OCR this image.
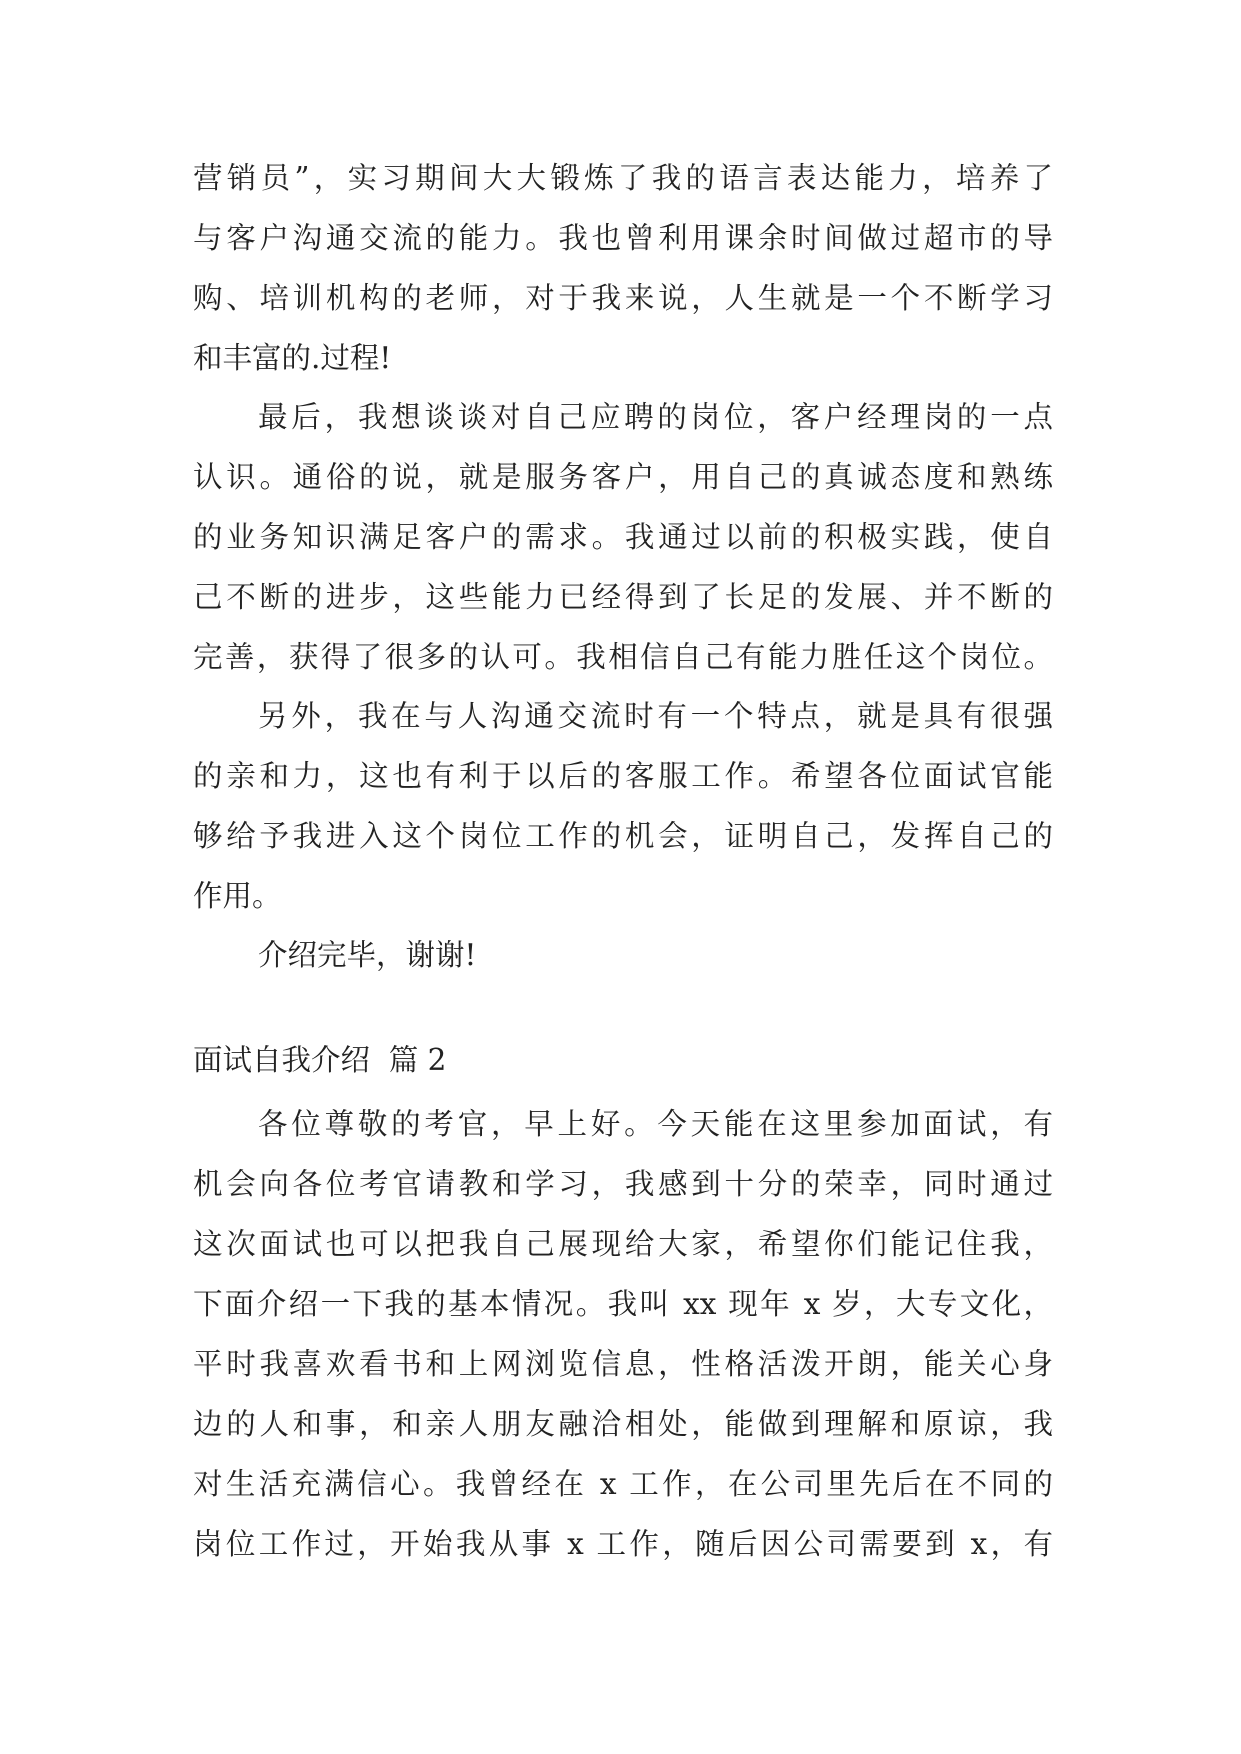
营销员”，实习期间大大锻炼了我的语言表达能力，培养了
与客户沟通交流的能力。我也曾利用课余时间做过超市的导
购、培训机构的老师，对于我来说，人生就是一个不断学习
和丰富的.过程!
最后，我想谈谈对自己应聘的岗位，客户经理岗的一点
认识。通俗的说，就是服务客户，用自己的真诚态度和熟练
的业务知识满足客户的需求。我通过以前的积极实践，使自
己不断的进步，这些能力已经得到了长足的发展、并不断的
完善，获得了很多的认可。我相信自己有能力胜任这个岗位。
另外，我在与人沟通交流时有一个特点，就是具有很强
的亲和力，这也有利于以后的客服工作。希望各位面试官能
够给予我进入这个岗位工作的机会，证明自己，发挥自己的
作用。
介绍完毕，谢谢!
面试自我介绍  篇 2
各位尊敬的考官，早上好。今天能在这里参加面试，有
机会向各位考官请教和学习，我感到十分的荣幸，同时通过
这次面试也可以把我自己展现给大家，希望你们能记住我，
下面介绍一下我的基本情况。我叫 xx 现年 x 岁，大专文化，
平时我喜欢看书和上网浏览信息，性格活泼开朗，能关心身
边的人和事，和亲人朋友融洽相处，能做到理解和原谅，我
对生活充满信心。我曾经在 x 工作，在公司里先后在不同的
岗位工作过，开始我从事 x 工作，随后因公司需要到 x，有
